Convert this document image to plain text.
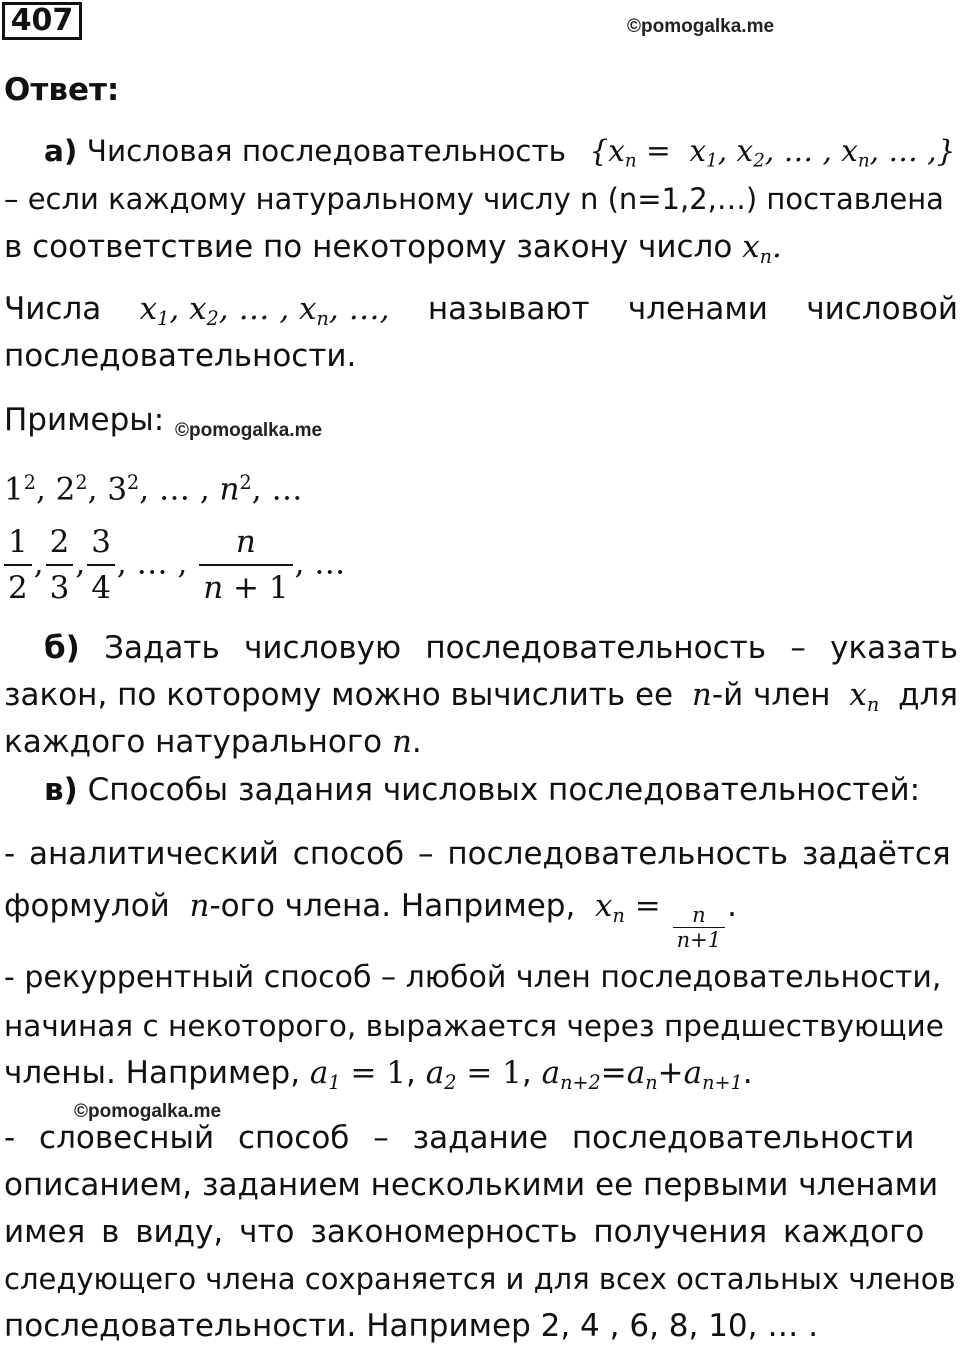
407	©pomogalka.me
Ответ:
а) Числовая последовательность {$x_n = x_1$, $x_2$, … , $x_n$, … ,}
– если каждому натуральному числу n (n=1,2,…) поставлена
в соответствие по некоторому закону число $x_n$.
Числа $x_1$, $x_2$, … , $x_n$, …, называют членами числовой
последовательности.
Примеры: ©pomogalka.me
$1^2$, $2^2$, $3^2$, … , $n^2$, …
$\frac{1}{2}$ , $\frac{2}{3}$ , $\frac{3}{4}$ , … , $\frac{n}{n + 1}$ , …
б) Задать числовую последовательность – указать
закон, по которому можно вычислить ее n-й член $x_n$ для
каждого натурального n.
в) Способы задания числовых последовательностей:
- аналитический способ – последовательность задаётся
формулой n-ого члена. Например, $x_n = \frac{n}{n+1}$ .
- рекуррентный способ – любой член последовательности,
начиная с некоторого, выражается через предшествующие
члены. Например, $a_1 = 1$, $a_2 = 1$, $a_{n+2}=a_n+a_{n+1}$.
©pomogalka.me
- словесный способ – задание последовательности
описанием, заданием несколькими ее первыми членами
имея в виду, что закономерность получения каждого
следующего члена сохраняется и для всех остальных членов
последовательности. Например 2, 4 , 6, 8, 10, … .
